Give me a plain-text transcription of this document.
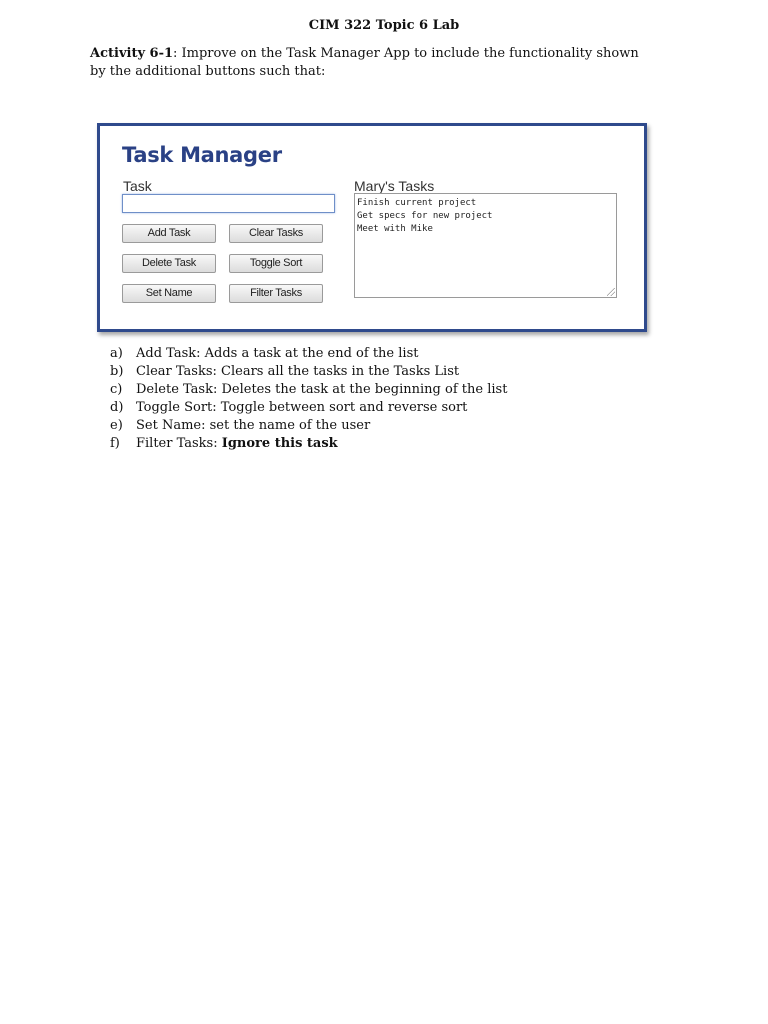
CIM 322 Topic 6 Lab
Activity 6-1: Improve on the Task Manager App to include the functionality shown by the additional buttons such that:
Task Manager
Task
Add Task	Clear Tasks
Delete Task	Toggle Sort
Set Name	Filter Tasks
Mary's Tasks
Finish current project
Get specs for new project
Meet with Mike
a)	Add Task: Adds a task at the end of the list
b) Clear Tasks: Clears all the tasks in the Tasks List
c)	Delete Task: Deletes the task at the beginning of the list
d) Toggle Sort: Toggle between sort and reverse sort
e)	Set Name: set the name of the user
f)	Filter Tasks: Ignore this task
